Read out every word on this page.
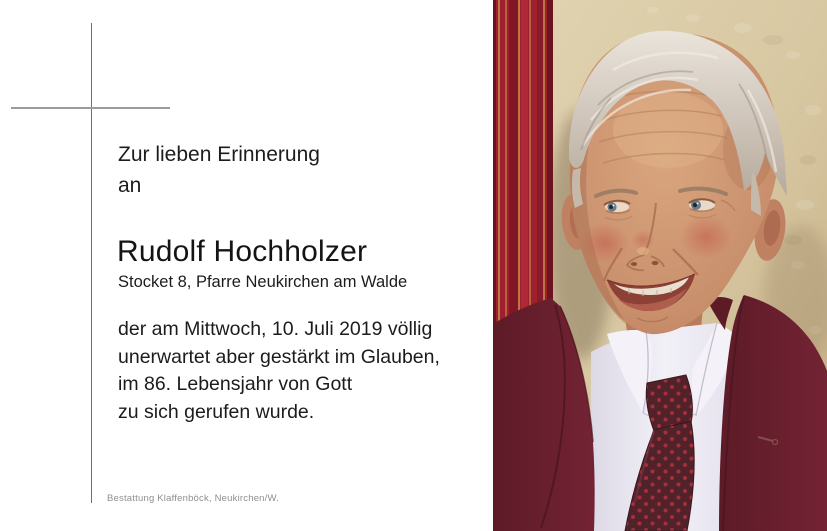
Zur lieben Erinnerung
an
Rudolf Hochholzer
Stocket 8, Pfarre Neukirchen am Walde
der am Mittwoch, 10. Juli 2019 völlig
unerwartet aber gestärkt im Glauben,
im 86. Lebensjahr von Gott
zu sich gerufen wurde.
Bestattung Klaffenböck, Neukirchen/W.
